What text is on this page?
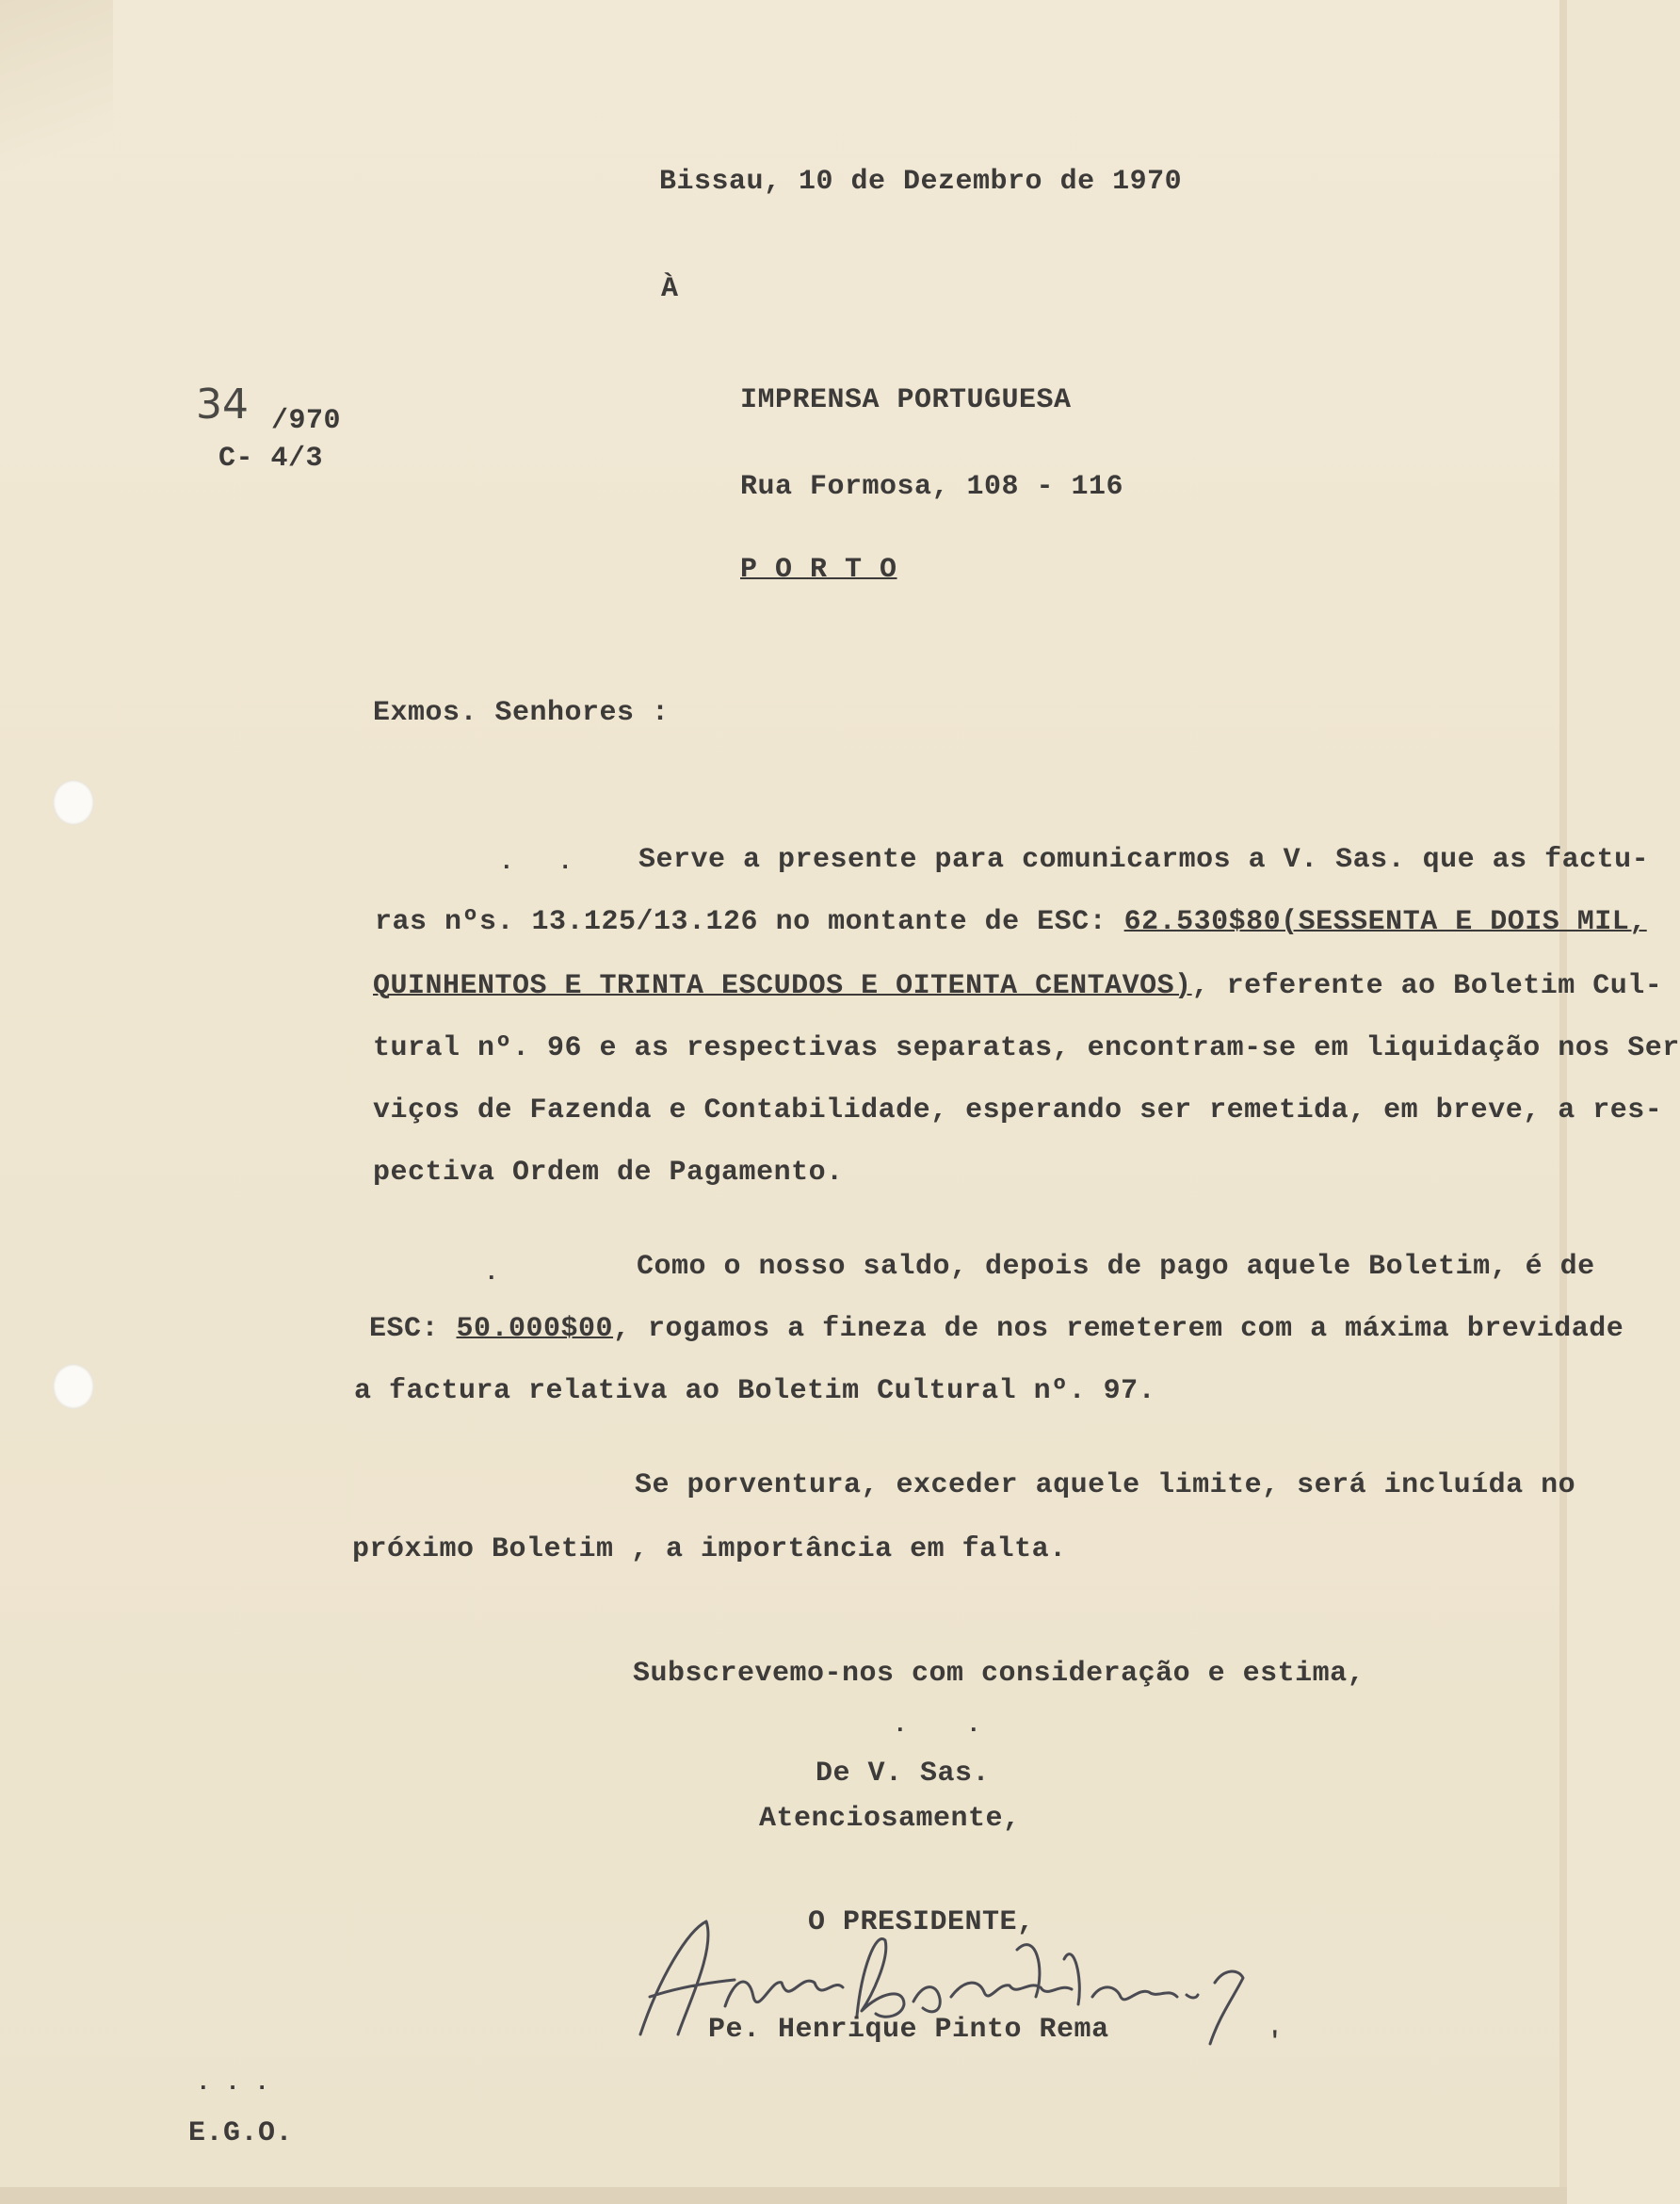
Bissau, 10 de Dezembro de 1970
À
34 /970
C- 4/3
IMPRENSA PORTUGUESA
Rua Formosa, 108 - 116
P O R T O
Exmos. Senhores :
.   . Serve a presente para comunicarmos a V. Sas. que as factu-
ras nºs. 13.125/13.126 no montante de ESC: 62.530$80(SESSENTA E DOIS MIL,
QUINHENTOS E TRINTA ESCUDOS E OITENTA CENTAVOS), referente ao Boletim Cul-
tural nº. 96 e as respectivas separatas, encontram-se em liquidação nos Ser
viços de Fazenda e Contabilidade, esperando ser remetida, em breve, a res-
pectiva Ordem de Pagamento.
.	Como o nosso saldo, depois de pago aquele Boletim, é de
ESC: 50.000$00, rogamos a fineza de nos remeterem com a máxima brevidade
a factura relativa ao Boletim Cultural nº. 97.
Se porventura, exceder aquele limite, será incluída no
próximo Boletim , a importância em falta.
Subscrevemo-nos com consideração e estima,
.    .
De V. Sas.
Atenciosamente,
O PRESIDENTE,
Pe. Henrique Pinto Rema	'
. . .
E.G.O.
